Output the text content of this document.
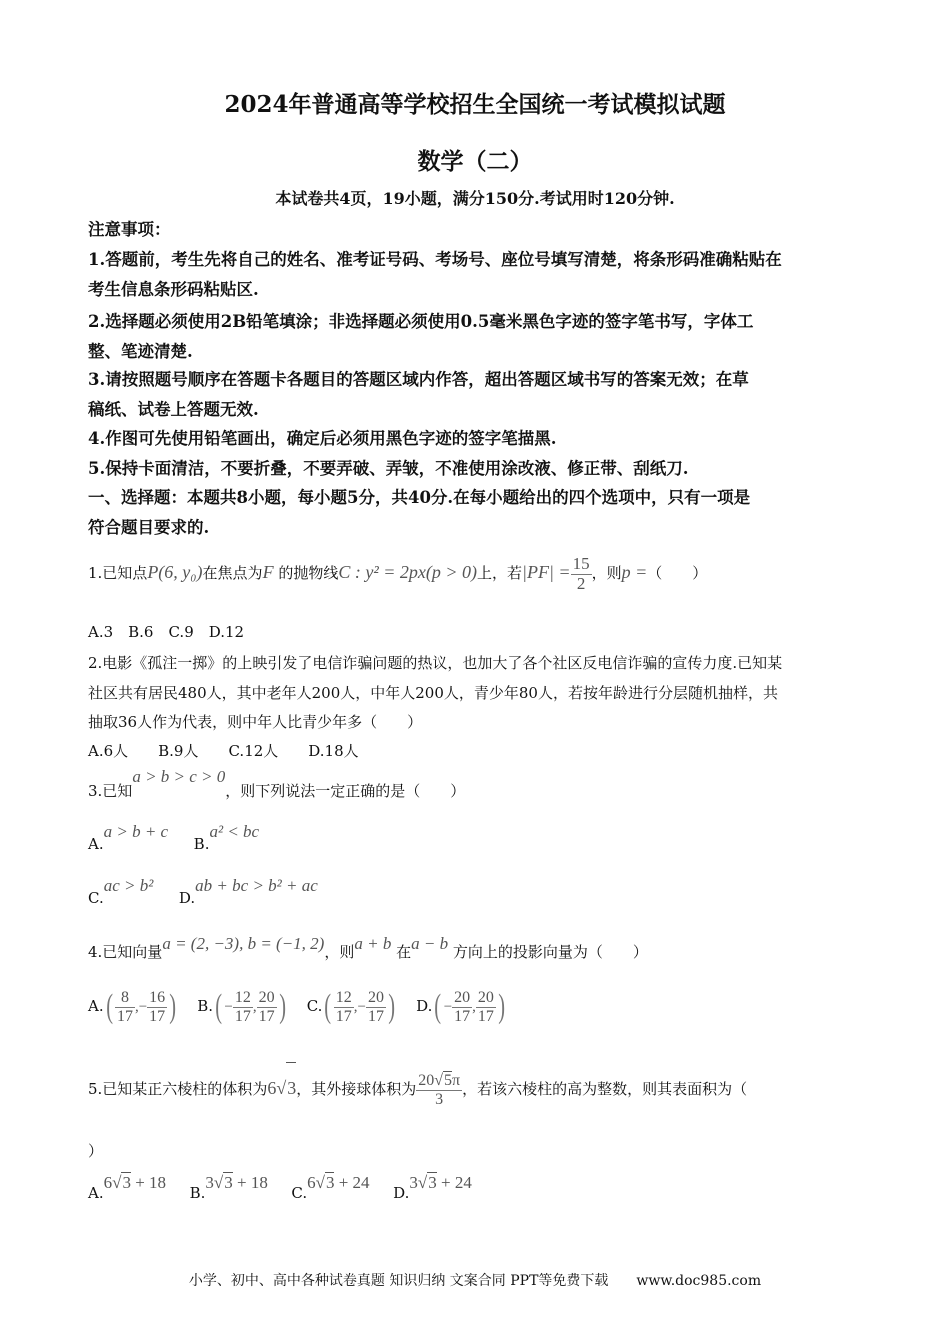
2024年普通高等学校招生全国统一考试模拟试题
数学（二）
本试卷共4页，19小题，满分150分.考试用时120分钟.
注意事项：
1.答题前，考生先将自己的姓名、准考证号码、考场号、座位号填写清楚，将条形码准确粘贴在
考生信息条形码粘贴区.
2.选择题必须使用2B铅笔填涂；非选择题必须使用0.5毫米黑色字迹的签字笔书写，字体工
整、笔迹清楚.
3.请按照题号顺序在答题卡各题目的答题区域内作答，超出答题区域书写的答案无效；在草
稿纸、试卷上答题无效.
4.作图可先使用铅笔画出，确定后必须用黑色字迹的签字笔描黑.
5.保持卡面清洁，不要折叠，不要弄破、弄皱，不准使用涂改液、修正带、刮纸刀.
一、选择题：本题共8小题，每小题5分，共40分.在每小题给出的四个选项中，只有一项是
符合题目要求的.
1.已知点P(6, y₀)在焦点为F 的抛物线C : y² = 2px(p > 0)上，若$|PF| = \frac{15}{2}$ ，则p =（　　）
A.3　B.6　C.9　D.12
2.电影《孤注一掷》的上映引发了电信诈骗问题的热议，也加大了各个社区反电信诈骗的宣传力度.已知某
社区共有居民480人，其中老年人200人，中年人200人，青少年80人，若按年龄进行分层随机抽样，共
抽取36人作为代表，则中年人比青少年多（　　）
A.6人　　B.9人　　C.12人　　D.18人
3.已知a > b > c > 0，则下列说法一定正确的是（　　）
A.a > b + c  B.a² < bc
C.ac > b²  D.ab + bc > b² + ac
4.已知向量a = (2, −3), b = (−1, 2)，则a + b 在a − b 方向上的投影向量为（　　）
$A.( \frac{8}{17}$ ,− $\frac{16}{17}$ ) $B.( - \frac{12}{17}$ , $\frac{20}{17}$ ) $C.( \frac{12}{17}$ ,− $\frac{20}{17}$ ) $D.( - \frac{20}{17}$ , $\frac{20}{17}$ )
5.已知某正六棱柱的体积为6√3，其外接球体积为 $\frac{20√5\pi}{3}$ ，若该六棱柱的高为整数，则其表面积为（
）
A.6√3 + 18  B.3√3 + 18  C.6√3 + 24  D.3√3 + 24
小学、初中、高中各种试卷真题 知识归纳 文案合同 PPT等免费下载　　www.doc985.com
